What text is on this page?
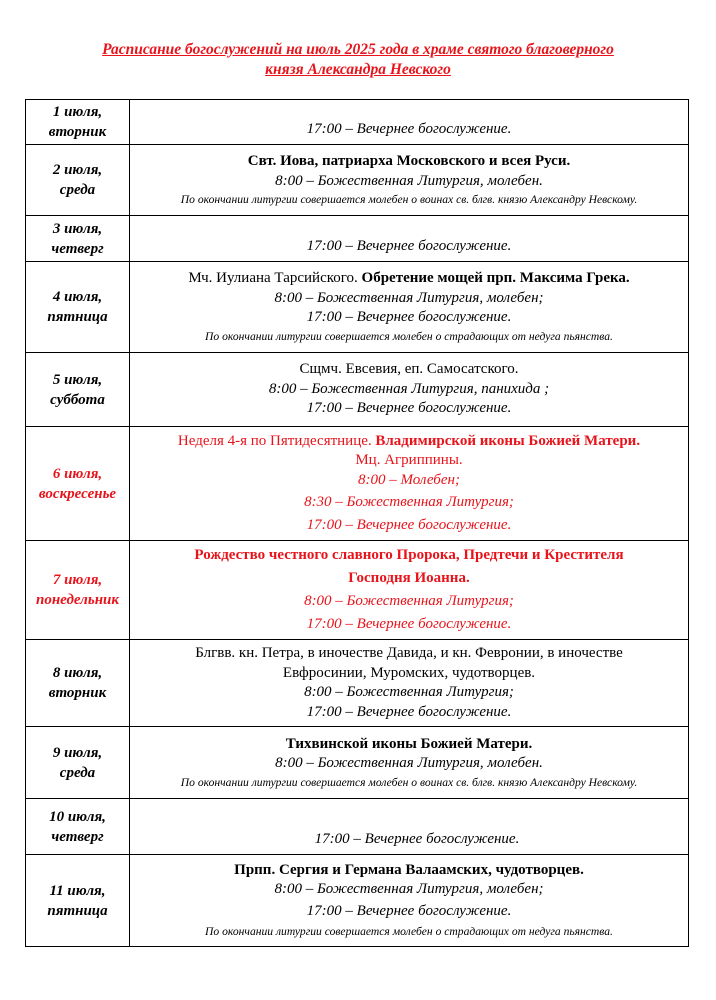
Расписание богослужений на июль 2025 года в храме святого благоверного
князя Александра Невского
1 июля,
вторник	17:00 – Вечернее богослужение.

2 июля,
среда	Свт. Иова, патриарха Московского и всея Руси.
8:00 – Божественная Литургия, молебен.
По окончании литургии совершается молебен о воинах св. блгв. князю Александру Невскому.

3 июля,
четверг	17:00 – Вечернее богослужение.

4 июля,
пятница	Мч. Иулиана Тарсийского. Обретение мощей прп. Максима Грека.
8:00 – Божественная Литургия, молебен;
17:00 – Вечернее богослужение.
По окончании литургии совершается молебен о страдающих от недуга пьянства.

5 июля,
суббота	Сщмч. Евсевия, еп. Самосатского.
8:00 – Божественная Литургия, панихида ;
17:00 – Вечернее богослужение.

6 июля,
воскресенье	Неделя 4-я по Пятидесятнице. Владимирской иконы Божией Матери.
Мц. Агриппины.
8:00 – Молебен;
8:30 – Божественная Литургия;
17:00 – Вечернее богослужение.

7 июля,
понедельник	Рождество честного славного Пророка, Предтечи и Крестителя
Господня Иоанна.
8:00 – Божественная Литургия;
17:00 – Вечернее богослужение.

8 июля,
вторник	Блгвв. кн. Петра, в иночестве Давида, и кн. Февронии, в иночестве
Евфросинии, Муромских, чудотворцев.
8:00 – Божественная Литургия;
17:00 – Вечернее богослужение.

9 июля,
среда	Тихвинской иконы Божией Матери.
8:00 – Божественная Литургия, молебен.
По окончании литургии совершается молебен о воинах св. блгв. князю Александру Невскому.

10 июля,
четверг	17:00 – Вечернее богослужение.

11 июля,
пятница	Прпп. Сергия и Германа Валаамских, чудотворцев.
8:00 – Божественная Литургия, молебен;
17:00 – Вечернее богослужение.
По окончании литургии совершается молебен о страдающих от недуга пьянства.
